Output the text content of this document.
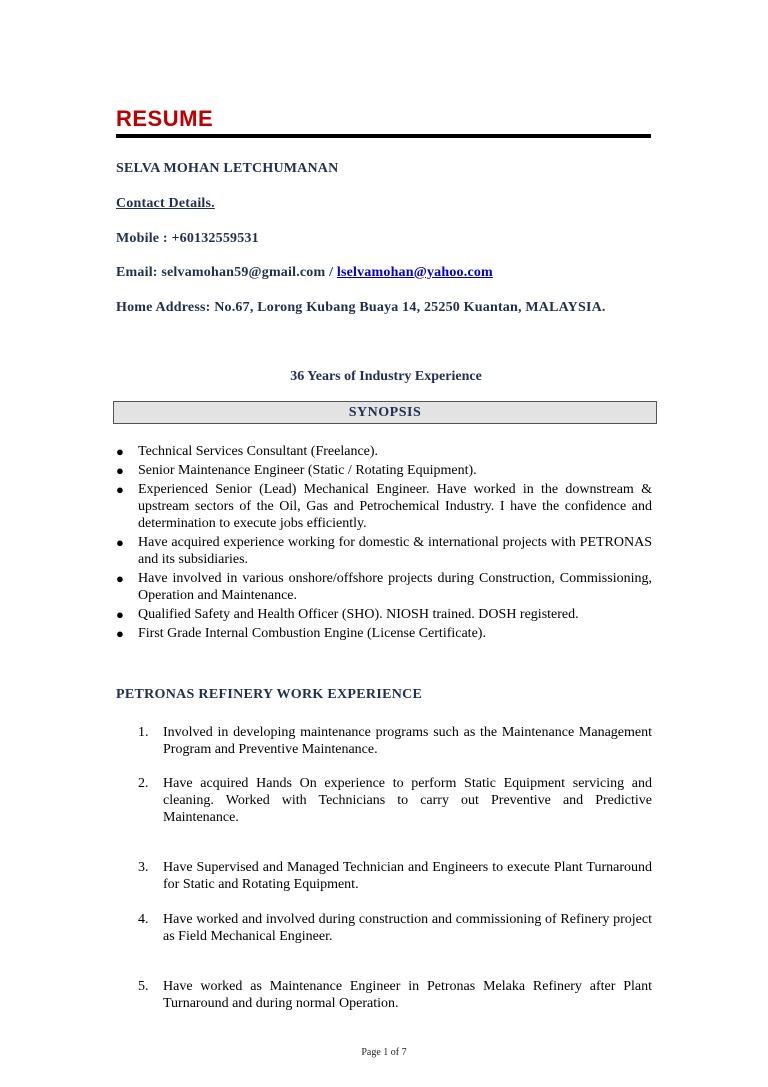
RESUME
SELVA MOHAN LETCHUMANAN
Contact Details.
Mobile : +60132559531
Email: selvamohan59@gmail.com / lselvamohan@yahoo.com
Home Address: No.67, Lorong Kubang Buaya 14, 25250 Kuantan, MALAYSIA.
36 Years of Industry Experience
SYNOPSIS
● Technical Services Consultant (Freelance).
● Senior Maintenance Engineer (Static / Rotating Equipment).
● Experienced Senior (Lead) Mechanical Engineer. Have worked in the downstream & upstream sectors of the Oil, Gas and Petrochemical Industry. I have the confidence and determination to execute jobs efficiently.
● Have acquired experience working for domestic & international projects with PETRONAS and its subsidiaries.
● Have involved in various onshore/offshore projects during Construction, Commissioning, Operation and Maintenance.
● Qualified Safety and Health Officer (SHO). NIOSH trained. DOSH registered.
● First Grade Internal Combustion Engine (License Certificate).
PETRONAS REFINERY WORK EXPERIENCE
1. Involved in developing maintenance programs such as the Maintenance Management Program and Preventive Maintenance.
2. Have acquired Hands On experience to perform Static Equipment servicing and cleaning. Worked with Technicians to carry out Preventive and Predictive Maintenance.
3. Have Supervised and Managed Technician and Engineers to execute Plant Turnaround for Static and Rotating Equipment.
4. Have worked and involved during construction and commissioning of Refinery project as Field Mechanical Engineer.
5. Have worked as Maintenance Engineer in Petronas Melaka Refinery after Plant Turnaround and during normal Operation.
Page 1 of 7
